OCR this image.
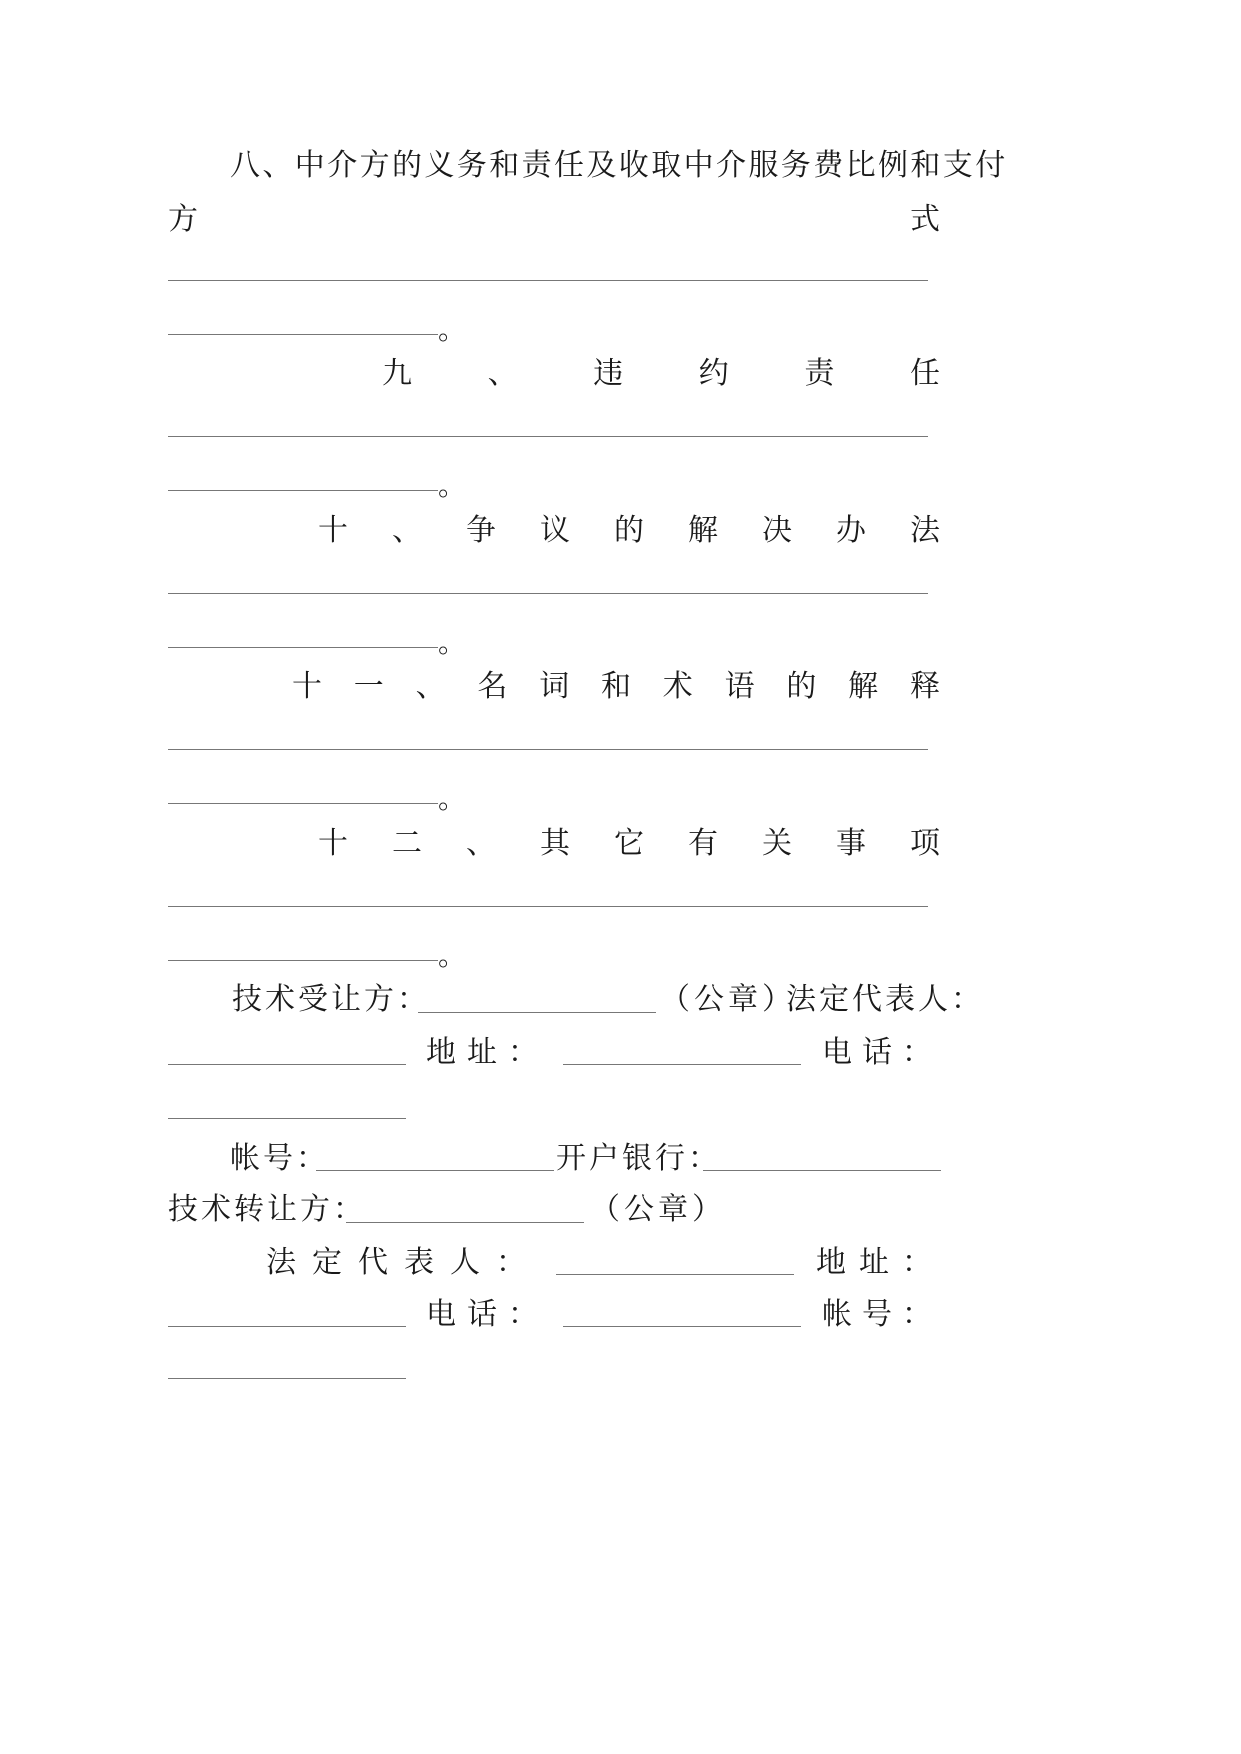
八、中介方的义务和责任及收取中介服务费比例和支付
方	式
。
九	、	违	约	责	任
。
十 、 争 议 的 解 决 办 法
。
十 一 、 名 词 和 术 语 的 解 释
。
十 二 、 其 它 有 关 事 项
。
技术受让方：	（公章）
法定代表人：
地 址 ：	电 话 ：
帐号：	开户银行：
技术转让方：	（公章）
法 定 代 表 人 ：	地 址 ：
电 话 ：	帐 号 ：
